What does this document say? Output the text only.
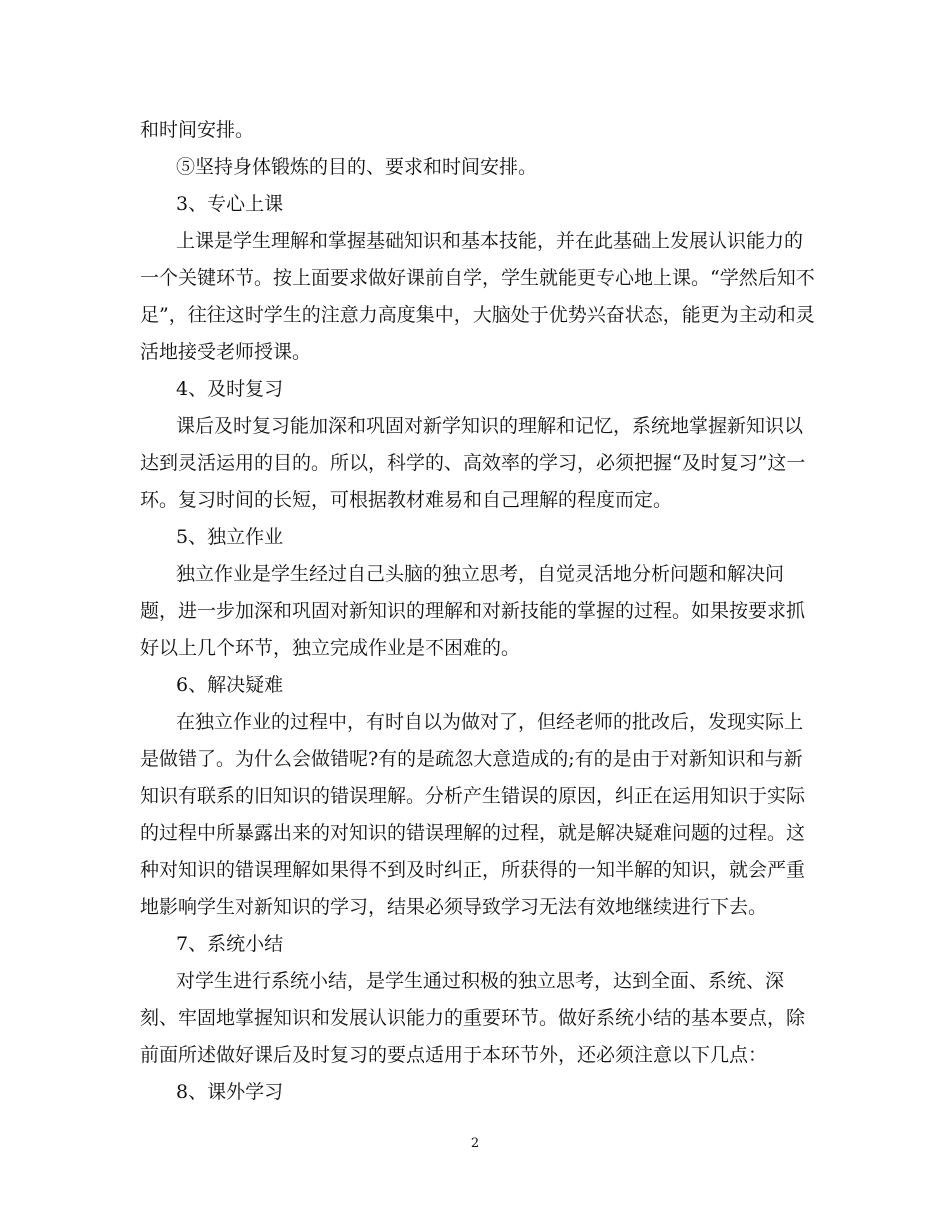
和时间安排。
⑤坚持身体锻炼的目的、要求和时间安排。
3、专心上课
上课是学生理解和掌握基础知识和基本技能，并在此基础上发展认识能力的
一个关键环节。按上面要求做好课前自学，学生就能更专心地上课。“学然后知不
足”，往往这时学生的注意力高度集中，大脑处于优势兴奋状态，能更为主动和灵
活地接受老师授课。
4、及时复习
课后及时复习能加深和巩固对新学知识的理解和记忆，系统地掌握新知识以
达到灵活运用的目的。所以，科学的、高效率的学习，必须把握“及时复习”这一
环。复习时间的长短，可根据教材难易和自己理解的程度而定。
5、独立作业
独立作业是学生经过自己头脑的独立思考，自觉灵活地分析问题和解决问
题，进一步加深和巩固对新知识的理解和对新技能的掌握的过程。如果按要求抓
好以上几个环节，独立完成作业是不困难的。
6、解决疑难
在独立作业的过程中，有时自以为做对了，但经老师的批改后，发现实际上
是做错了。为什么会做错呢?有的是疏忽大意造成的;有的是由于对新知识和与新
知识有联系的旧知识的错误理解。分析产生错误的原因，纠正在运用知识于实际
的过程中所暴露出来的对知识的错误理解的过程，就是解决疑难问题的过程。这
种对知识的错误理解如果得不到及时纠正，所获得的一知半解的知识，就会严重
地影响学生对新知识的学习，结果必须导致学习无法有效地继续进行下去。
7、系统小结
对学生进行系统小结，是学生通过积极的独立思考，达到全面、系统、深
刻、牢固地掌握知识和发展认识能力的重要环节。做好系统小结的基本要点，除
前面所述做好课后及时复习的要点适用于本环节外，还必须注意以下几点：
8、课外学习
2
